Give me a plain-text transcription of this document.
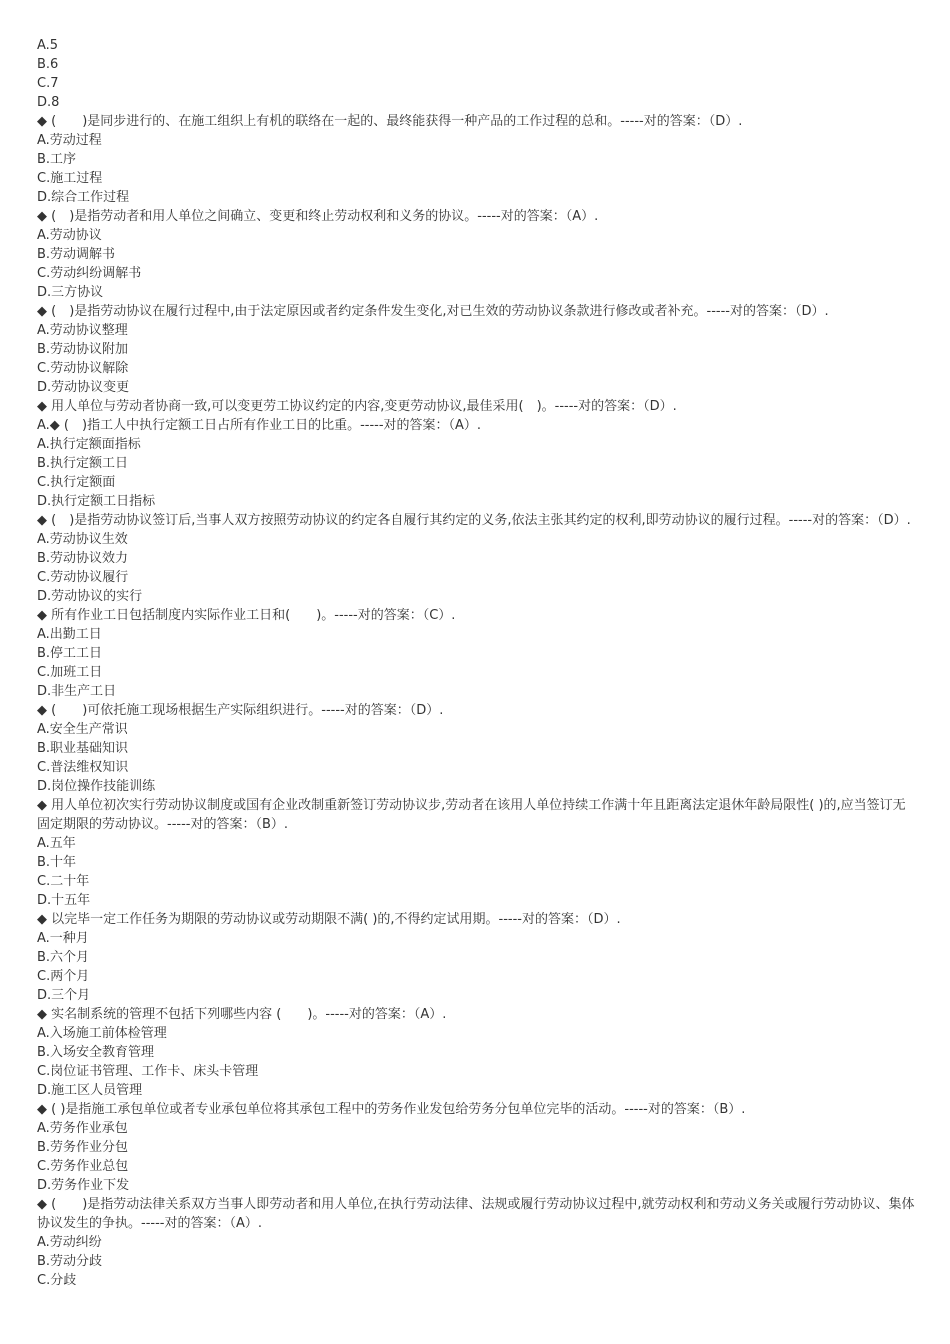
A.5

B.6

C.7

D.8

◆ (　　)是同步进行的、在施工组织上有机的联络在一起的、最终能获得一种产品的工作过程的总和。-----对的答案：（D）.

A.劳动过程

B.工序

C.施工过程

D.综合工作过程

◆ (　)是指劳动者和用人单位之间确立、变更和终止劳动权利和义务的协议。-----对的答案：（A）.

A.劳动协议

B.劳动调解书

C.劳动纠纷调解书

D.三方协议

◆ (　)是指劳动协议在履行过程中,由于法定原因或者约定条件发生变化,对已生效的劳动协议条款进行修改或者补充。-----对的答案：（D）.

A.劳动协议整理

B.劳动协议附加

C.劳动协议解除

D.劳动协议变更

◆ 用人单位与劳动者协商一致,可以变更劳工协议约定的内容,变更劳动协议,最佳采用(　)。-----对的答案：（D）.

A.◆ (　)指工人中执行定额工日占所有作业工日的比重。-----对的答案：（A）.

A.执行定额面指标

B.执行定额工日

C.执行定额面

D.执行定额工日指标

◆ (　)是指劳动协议签订后,当事人双方按照劳动协议的约定各自履行其约定的义务,依法主张其约定的权利,即劳动协议的履行过程。-----对的答案：（D）.

A.劳动协议生效

B.劳动协议效力

C.劳动协议履行

D.劳动协议的实行

◆ 所有作业工日包括制度内实际作业工日和(　　)。-----对的答案：（C）.

A.出勤工日

B.停工工日

C.加班工日

D.非生产工日

◆ (　　)可依托施工现场根据生产实际组织进行。-----对的答案：（D）.

A.安全生产常识

B.职业基础知识

C.普法维权知识

D.岗位操作技能训练

◆ 用人单位初次实行劳动协议制度或国有企业改制重新签订劳动协议步,劳动者在该用人单位持续工作满十年且距离法定退休年龄局限性( )的,应当签订无固定期限的劳动协议。-----对的答案：（B）.

A.五年

B.十年

C.二十年

D.十五年

◆ 以完毕一定工作任务为期限的劳动协议或劳动期限不满( )的,不得约定试用期。-----对的答案：（D）.

A.一种月

B.六个月

C.两个月

D.三个月

◆ 实名制系统的管理不包括下列哪些内容 (　　)。-----对的答案：（A）.

A.入场施工前体检管理

B.入场安全教育管理

C.岗位证书管理、工作卡、床头卡管理

D.施工区人员管理

◆ ( )是指施工承包单位或者专业承包单位将其承包工程中的劳务作业发包给劳务分包单位完毕的活动。-----对的答案：（B）.

A.劳务作业承包

B.劳务作业分包

C.劳务作业总包

D.劳务作业下发

◆ (　　)是指劳动法律关系双方当事人即劳动者和用人单位,在执行劳动法律、法规或履行劳动协议过程中,就劳动权利和劳动义务关或履行劳动协议、集体协议发生的争执。-----对的答案：（A）.

A.劳动纠纷

B.劳动分歧

C.分歧
